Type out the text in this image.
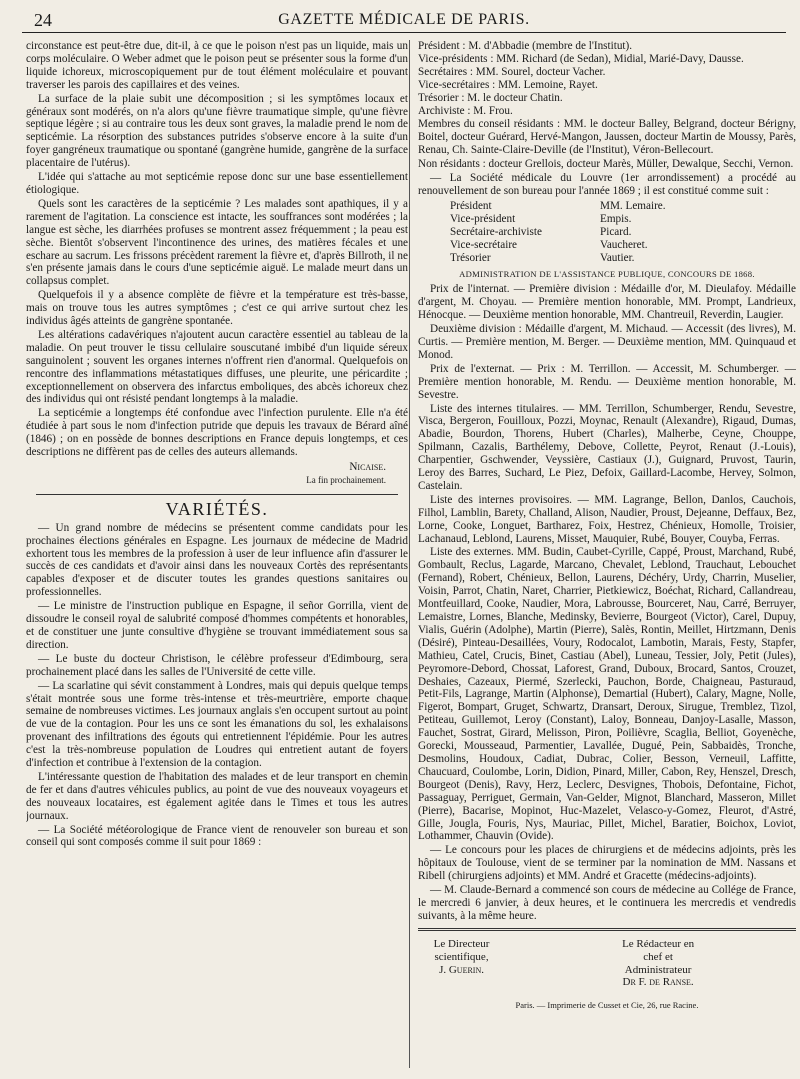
24	GAZETTE MÉDICALE DE PARIS.

circonstance est peut-être due, dit-il, à ce que le poison n'est pas un liquide, mais un corps moléculaire. O Weber admet que le poison peut se présenter sous la forme d'un liquide ichoreux, microscopiquement pur de tout élément moléculaire et pouvant traverser les parois des capillaires et des veines.

La surface de la plaie subit une décomposition ; si les symptômes locaux et généraux sont modérés, on n'a alors qu'une fièvre traumatique simple, qu'une fièvre septique légère ; si au contraire tous les deux sont graves, la maladie prend le nom de septicémie. La résorption des substances putrides s'observe encore à la suite d'un foyer gangréneux traumatique ou spontané (gangrène humide, gangrène de la surface placentaire de l'utérus).

L'idée qui s'attache au mot septicémie repose donc sur une base essentiellement étiologique.

Quels sont les caractères de la septicémie ? Les malades sont apathiques, il y a rarement de l'agitation. La conscience est intacte, les souffrances sont modérées ; la langue est sèche, les diarrhées profuses se montrent assez fréquemment ; la peau est sèche. Bientôt s'observent l'incontinence des urines, des matières fécales et une eschare au sacrum. Les frissons précèdent rarement la fièvre et, d'après Billroth, il ne s'en présente jamais dans le cours d'une septicémie aiguë. Le malade meurt dans un collapsus complet.

Quelquefois il y a absence complète de fièvre et la température est très-basse, mais on trouve tous les autres symptômes ; c'est ce qui arrive surtout chez les individus âgés atteints de gangrène spontanée.

Les altérations cadavériques n'ajoutent aucun caractère essentiel au tableau de la maladie. On peut trouver le tissu cellulaire souscutané imbibé d'un liquide séreux sanguinolent ; souvent les organes internes n'offrent rien d'anormal. Quelquefois on rencontre des inflammations métastatiques diffuses, une pleurite, une péricardite ; exceptionnellement on observera des infarctus emboliques, des abcès ichoreux chez des individus qui ont résisté pendant longtemps à la maladie.

La septicémie a longtemps été confondue avec l'infection purulente. Elle n'a été étudiée à part sous le nom d'infection putride que depuis les travaux de Bérard aîné (1846) ; on en possède de bonnes descriptions en France depuis longtemps, et ces descriptions ne diffèrent pas de celles des auteurs allemands.

Nicaise.
La fin prochainement.
VARIÉTÉS.

— Un grand nombre de médecins se présentent comme candidats pour les prochaines élections générales en Espagne. Les journaux de médecine de Madrid exhortent tous les membres de la profession à user de leur influence afin d'assurer le succès de ces candidats et d'avoir ainsi dans les nouveaux Cortès des représentants capables d'exposer et de discuter toutes les grandes questions sanitaires ou professionnelles.

— Le ministre de l'instruction publique en Espagne, il señor Gorrilla, vient de dissoudre le conseil royal de salubrité composé d'hommes compétents et honorables, et de constituer une junte consultive d'hygiène se trouvant immédiatement sous sa direction.

— Le buste du docteur Christison, le célèbre professeur d'Edimbourg, sera prochainement placé dans les salles de l'Université de cette ville.

— La scarlatine qui sévit constamment à Londres, mais qui depuis quelque temps s'était montrée sous une forme très-intense et très-meurtrière, emporte chaque semaine de nombreuses victimes. Les journaux anglais s'en occupent surtout au point de vue de la contagion. Pour les uns ce sont les émanations du sol, les exhalaisons provenant des infiltrations des égouts qui entretiennent l'épidémie. Pour les autres c'est la très-nombreuse population de Loudres qui entretient autant de foyers d'infection et contribue à l'extension de la contagion.

L'intéressante question de l'habitation des malades et de leur transport en chemin de fer et dans d'autres véhicules publics, au point de vue des nouveaux voyageurs et des nouveaux locataires, est également agitée dans le Times et tous les autres journaux.

— La Société météorologique de France vient de renouveler son bureau et son conseil qui sont composés comme il suit pour 1869 :

Président : M. d'Abbadie (membre de l'Institut).
Vice-présidents : MM. Richard (de Sedan), Midial, Marié-Davy, Dausse.
Secrétaires : MM. Sourel, docteur Vacher.
Vice-secrétaires : MM. Lemoine, Rayet.
Trésorier : M. le docteur Chatin.
Archiviste : M. Frou.

Membres du conseil résidants : MM. le docteur Balley, Belgrand, docteur Bérigny, Boitel, docteur Guérard, Hervé-Mangon, Jaussen, docteur Martin de Moussy, Parès, Renau, Ch. Sainte-Claire-Deville (de l'Institut), Véron-Bellecourt.

Non résidants : docteur Grellois, docteur Marès, Müller, Dewalque, Secchi, Vernon.

— La Société médicale du Louvre (1er arrondissement) a procédé au renouvellement de son bureau pour l'année 1869 ; il est constitué comme suit :

Président	MM. Lemaire.
Vice-président	Empis.
Secrétaire-archiviste	Picard.
Vice-secrétaire	Vaucheret.
Trésorier	Vautier.
ADMINISTRATION DE L'ASSISTANCE PUBLIQUE, CONCOURS DE 1868.

Prix de l'internat. — Première division : Médaille d'or, M. Dieulafoy. Médaille d'argent, M. Choyau. — Première mention honorable, MM. Prompt, Landrieux, Hénocque. — Deuxième mention honorable, MM. Chantreuil, Reverdin, Laugier.

Deuxième division : Médaille d'argent, M. Michaud. — Accessit (des livres), M. Curtis. — Première mention, M. Berger. — Deuxième mention, MM. Quinquaud et Monod.

Prix de l'externat. — Prix : M. Terrillon. — Accessit, M. Schumberger. — Première mention honorable, M. Rendu. — Deuxième mention honorable, M. Sevestre.

Liste des internes titulaires. — MM. Terrillon, Schumberger, Rendu, Sevestre, Visca, Bergeron, Fouilloux, Pozzi, Moynac, Renault (Alexandre), Rigaud, Dumas, Abadie, Bourdon, Thorens, Hubert (Charles), Malherbe, Ceyne, Chouppe, Spilmann, Cazalis, Barthélemy, Debove, Collette, Peyrot, Renaut (J.-Louis), Charpentier, Gschwender, Veyssière, Castiaux (J.), Guignard, Pruvost, Taurin, Leroy des Barres, Suchard, Le Piez, Defoix, Gaillard-Lacombe, Hervey, Solmon, Castelain.

Liste des internes provisoires. — MM. Lagrange, Bellon, Danlos, Cauchois, Filhol, Lamblin, Barety, Challand, Alison, Naudier, Proust, Dejeanne, Deffaux, Bez, Lorne, Cooke, Longuet, Bartharez, Foix, Hestrez, Chénieux, Homolle, Troisier, Lachanaud, Leblond, Laurens, Misset, Mauquier, Rubé, Bouyer, Couyba, Ferras.

Liste des externes. MM. Budin, Caubet-Cyrille, Cappé, Proust, Marchand, Rubé, Gombault, Reclus, Lagarde, Marcano, Chevalet, Leblond, Trauchaut, Lebouchet (Fernand), Robert, Chénieux, Bellon, Laurens, Déchéry, Urdy, Charrin, Muselier, Voisin, Parrot, Chatin, Naret, Charrier, Pietkiewicz, Boéchat, Richard, Callandreau, Montfeuillard, Cooke, Naudier, Mora, Labrousse, Bourceret, Nau, Carré, Berruyer, Lemaistre, Lornes, Blanche, Medinsky, Bevierre, Bourgeot (Victor), Carel, Dupuy, Vialis, Guérin (Adolphe), Martin (Pierre), Salès, Rontin, Meillet, Hirtzmann, Denis (Désiré), Pinteau-Desaillées, Voury, Rodocalot, Lambotin, Marais, Festy, Stapfer, Mathieu, Catel, Crucis, Binet, Castiau (Abel), Luneau, Tessier, Joly, Petit (Jules), Peyromore-Debord, Chossat, Laforest, Grand, Duboux, Brocard, Santos, Crouzet, Deshaies, Cazeaux, Piermé, Szerlecki, Pauchon, Borde, Chaigneau, Pasturaud, Petit-Fils, Lagrange, Martin (Alphonse), Demartial (Hubert), Calary, Magne, Nolle, Figerot, Bompart, Gruget, Schwartz, Dransart, Deroux, Sirugue, Tremblez, Tizol, Petiteau, Guillemot, Leroy (Constant), Laloy, Bonneau, Danjoy-Lasalle, Masson, Fauchet, Sostrat, Girard, Melisson, Piron, Poilièvre, Scaglia, Belliot, Goyenèche, Gorecki, Mousseaud, Parmentier, Lavallée, Dugué, Pein, Sabbaidès, Tronche, Desmolins, Houdoux, Cadiat, Dubrac, Colier, Besson, Verneuil, Laffitte, Chaucuard, Coulombe, Lorin, Didion, Pinard, Miller, Cabon, Rey, Henszel, Dresch, Bourgeot (Denis), Ravy, Herz, Leclerc, Desvignes, Thobois, Defontaine, Fichot, Passaguay, Perriguet, Germain, Van-Gelder, Mignot, Blanchard, Masseron, Millet (Pierre), Bacarise, Mopinot, Huc-Mazelet, Velasco-y-Gomez, Fleurot, d'Astré, Gille, Jougla, Fouris, Nys, Mauriac, Pillet, Michel, Baratier, Boichox, Loviot, Lothammer, Chauvin (Ovide).

— Le concours pour les places de chirurgiens et de médecins adjoints, près les hôpitaux de Toulouse, vient de se terminer par la nomination de MM. Nassans et Ribell (chirurgiens adjoints) et MM. André et Gracette (médecins-adjoints).

— M. Claude-Bernard a commencé son cours de médecine au Collége de France, le mercredi 6 janvier, à deux heures, et le continuera les mercredis et vendredis suivants, à la même heure.

Le Directeur scientifique,
J. Guerin.
Le Rédacteur en chef et Administrateur
Dr F. de Ranse.
Paris. — Imprimerie de Cusset et Cie, 26, rue Racine.
